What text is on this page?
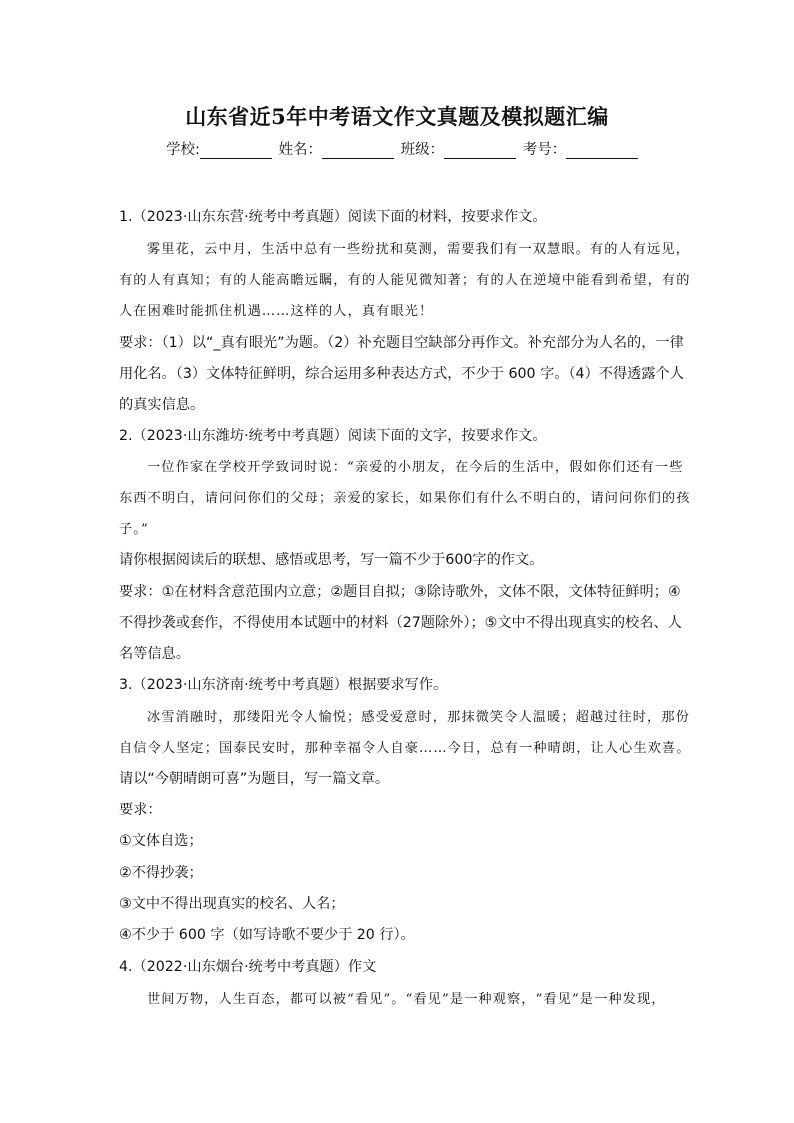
山东省近5年中考语文作文真题及模拟题汇编
学校:	姓名：	班级：	考号：
1.（2023·山东东营·统考中考真题）阅读下面的材料，按要求作文。
雾里花，云中月，生活中总有一些纷扰和莫测，需要我们有一双慧眼。有的人有远见，
有的人有真知；有的人能高瞻远瞩，有的人能见微知著；有的人在逆境中能看到希望，有的
人在困难时能抓住机遇……这样的人，真有眼光！
要求：（1）以“_真有眼光”为题。（2）补充题目空缺部分再作文。补充部分为人名的，一律
用化名。（3）文体特征鲜明，综合运用多种表达方式，不少于 600 字。（4）不得透露个人
的真实信息。
2.（2023·山东潍坊·统考中考真题）阅读下面的文字，按要求作文。
一位作家在学校开学致词时说：“亲爱的小朋友，在今后的生活中，假如你们还有一些
东西不明白，请问问你们的父母；亲爱的家长，如果你们有什么不明白的，请问问你们的孩
子。”
请你根据阅读后的联想、感悟或思考，写一篇不少于600字的作文。
要求：①在材料含意范围内立意；②题目自拟；③除诗歌外，文体不限，文体特征鲜明；④
不得抄袭或套作，不得使用本试题中的材料（27题除外）；⑤文中不得出现真实的校名、人
名等信息。
3.（2023·山东济南·统考中考真题）根据要求写作。
冰雪消融时，那缕阳光令人愉悦；感受爱意时，那抹微笑令人温暖；超越过往时，那份
自信令人坚定；国泰民安时，那种幸福令人自豪……今日，总有一种晴朗，让人心生欢喜。
请以“今朝晴朗可喜”为题目，写一篇文章。
要求：
①文体自选；
②不得抄袭；
③文中不得出现真实的校名、人名；
④不少于 600 字（如写诗歌不要少于 20 行）。
4.（2022·山东烟台·统考中考真题）作文
世间万物，人生百态，都可以被“看见”。“看见”是一种观察，“看见”是一种发现，
